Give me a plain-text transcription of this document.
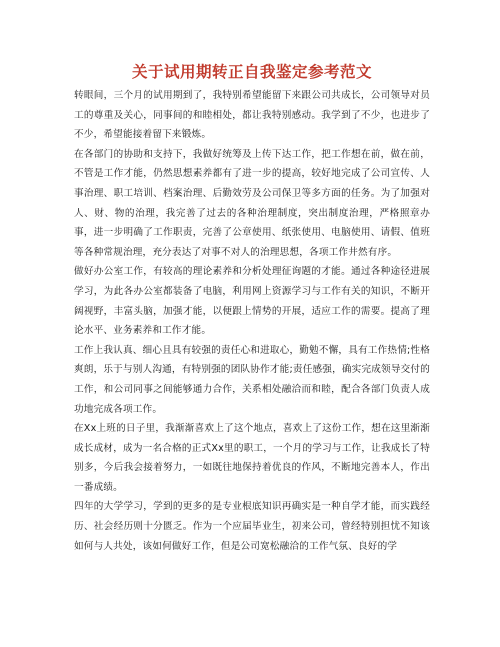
关于试用期转正自我鉴定参考范文

转眼间，三个月的试用期到了，我特别希望能留下来跟公司共成长，公司领导对员工的尊重及关心，同事间的和睦相处，都让我特别感动。我学到了不少，也进步了不少，希望能接着留下来锻炼。

在各部门的协助和支持下，我做好统筹及上传下达工作，把工作想在前，做在前，不管是工作才能，仍然思想素养都有了进一步的提高，较好地完成了公司宣传、人事治理、职工培训、档案治理、后勤效劳及公司保卫等多方面的任务。为了加强对人、财、物的治理，我完善了过去的各种治理制度，突出制度治理，严格照章办事，进一步明确了工作职责，完善了公章使用、纸张使用、电脑使用、请假、值班等各种常规治理，充分表达了对事不对人的治理思想，各项工作井然有序。

做好办公室工作，有较高的理论素养和分析处理征询题的才能。通过各种途径进展学习，为此各办公室都装备了电脑，利用网上资源学习与工作有关的知识，不断开阔视野，丰富头脑，加强才能，以便跟上情势的开展，适应工作的需要。提高了理论水平、业务素养和工作才能。

工作上我认真、细心且具有较强的责任心和进取心，勤勉不懈，具有工作热情;性格爽朗，乐于与别人沟通，有特别强的团队协作才能;责任感强，确实完成领导交付的工作，和公司同事之间能够通力合作，关系相处融洽而和睦，配合各部门负责人成功地完成各项工作。

在Xx上班的日子里，我渐渐喜欢上了这个地点，喜欢上了这份工作，想在这里渐渐成长成材，成为一名合格的正式Xx里的职工，一个月的学习与工作，让我成长了特别多，今后我会接着努力，一如既往地保持着优良的作风，不断地完善本人，作出一番成绩。

四年的大学学习，学到的更多的是专业根底知识再确实是一种自学才能，而实践经历、社会经历则十分匮乏。作为一个应届毕业生，初来公司，曾经特别担忧不知该如何与人共处，该如何做好工作，但是公司宽松融洽的工作气氛、良好的学
